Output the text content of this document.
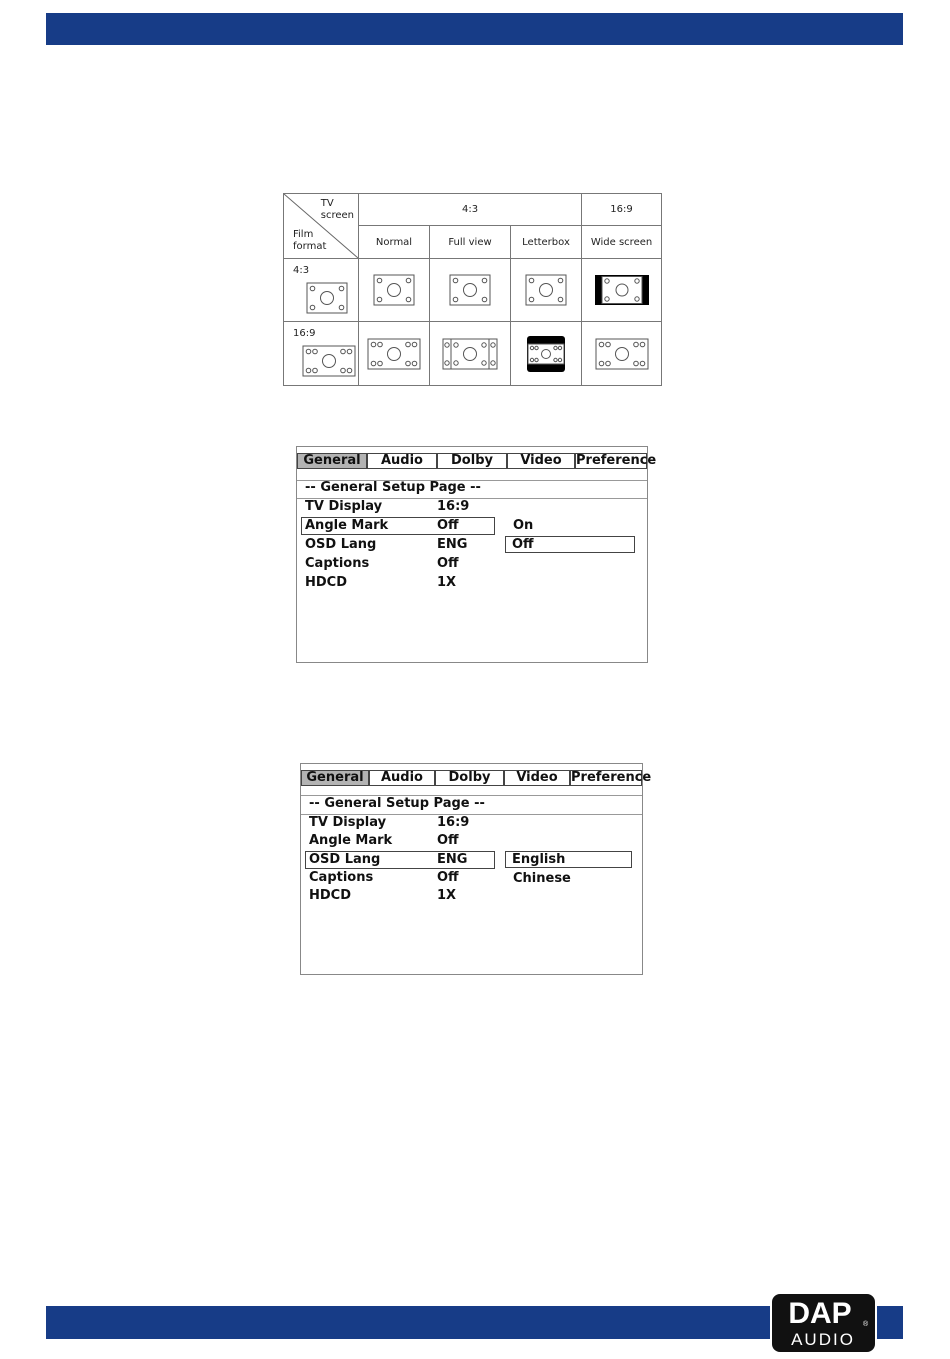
TV
screen
Film
format	4:3			16:9
	Normal	Full view	Letterbox	Wide screen

4:3

16:9

General	Audio	Dolby	Video	Preference
-- General Setup Page --
TV Display	16:9
Angle Mark	Off
OSD Lang	ENG
Captions	Off
HDCD	1X
On
Off
General	Audio	Dolby	Video	Preference
-- General Setup Page --
TV Display	16:9
Angle Mark	Off
OSD Lang	ENG
Captions	Off
HDCD	1X
English
Chinese
DAP ®
AUDIO
